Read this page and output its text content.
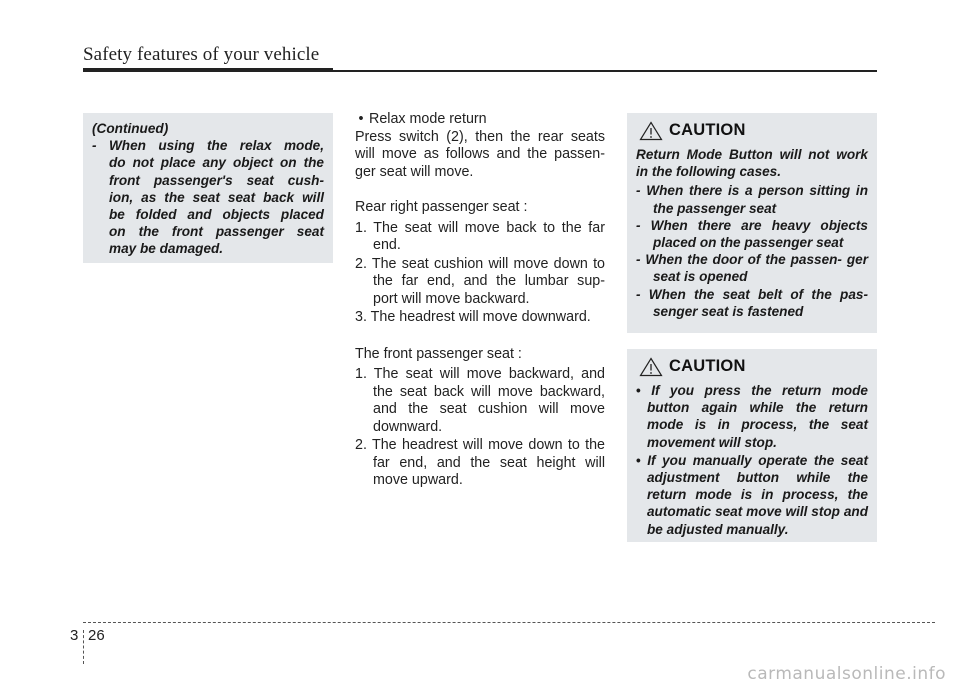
Safety features of your vehicle
(Continued)
- When using the relax mode,
do not place any object on the
front passenger's seat cush-
ion, as the seat seat back will
be folded and objects placed
on the front passenger seat
may be damaged.

• Relax mode return

Press switch (2), then the rear seats will move as follows and the passen- ger seat will move.

Rear right passenger seat :

1. The seat will move back to the far end.

2. The seat cushion will move down to the far end, and the lumbar sup- port will move backward.

3. The headrest will move downward.

The front passenger seat :

1. The seat will move backward, and the seat back will move backward, and the seat cushion will move downward.

2. The headrest will move down to the far end, and the seat height will move upward.

CAUTION

Return Mode Button will not work in the following cases.

- When there is a person sitting in the passenger seat

- When there are heavy objects placed on the passenger seat

- When the door of the passen- ger seat is opened

- When the seat belt of the pas- senger seat is fastened

CAUTION
• If you press the return mode button again while the return mode is in process, the seat movement will stop.
• If you manually operate the seat adjustment button while the return mode is in process, the automatic seat move will stop and be adjusted manually.
3 26
carmanualsonline.info
